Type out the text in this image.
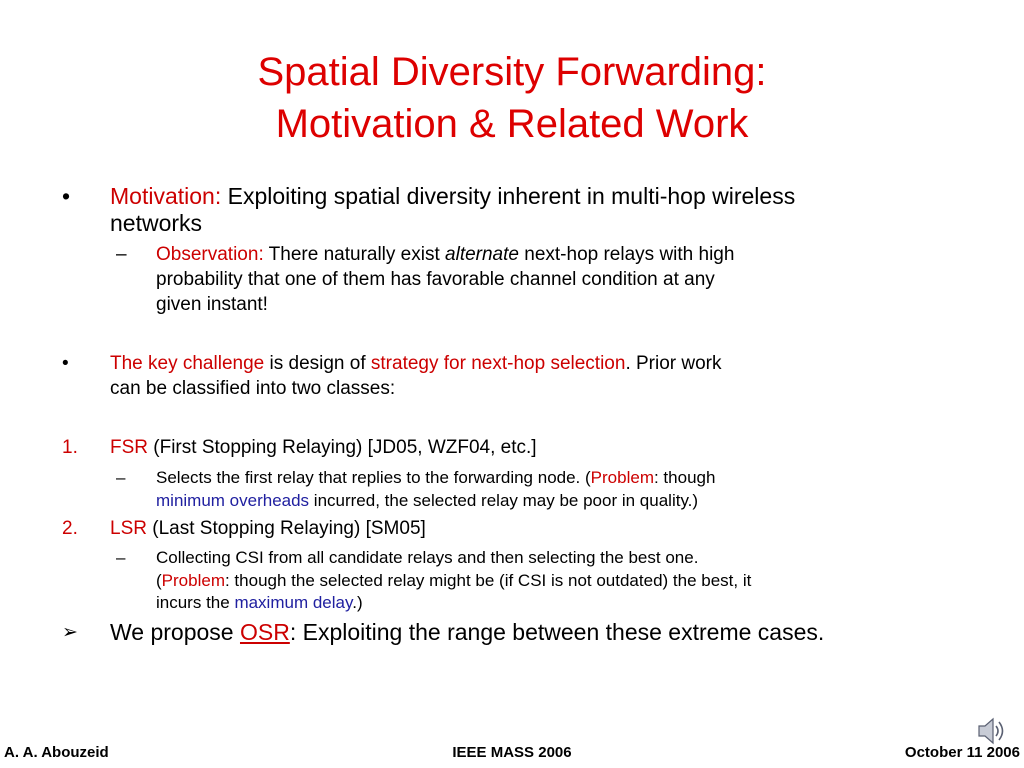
Spatial Diversity Forwarding:
Motivation & Related Work
• Motivation: Exploiting spatial diversity inherent in multi-hop wireless
networks
– Observation: There naturally exist alternate next-hop relays with high
probability that one of them has favorable channel condition at any
given instant!
• The key challenge is design of strategy for next-hop selection. Prior work
can be classified into two classes:
1. FSR (First Stopping Relaying) [JD05, WZF04, etc.]
– Selects the first relay that replies to the forwarding node. (Problem: though
minimum overheads incurred, the selected relay may be poor in quality.)
2. LSR (Last Stopping Relaying) [SM05]
– Collecting CSI from all candidate relays and then selecting the best one.
(Problem: though the selected relay might be (if CSI is not outdated) the best, it
incurs the maximum delay.)
➢ We propose OSR: Exploiting the range between these extreme cases.
A. A. Abouzeid	IEEE MASS 2006	October 11 2006
